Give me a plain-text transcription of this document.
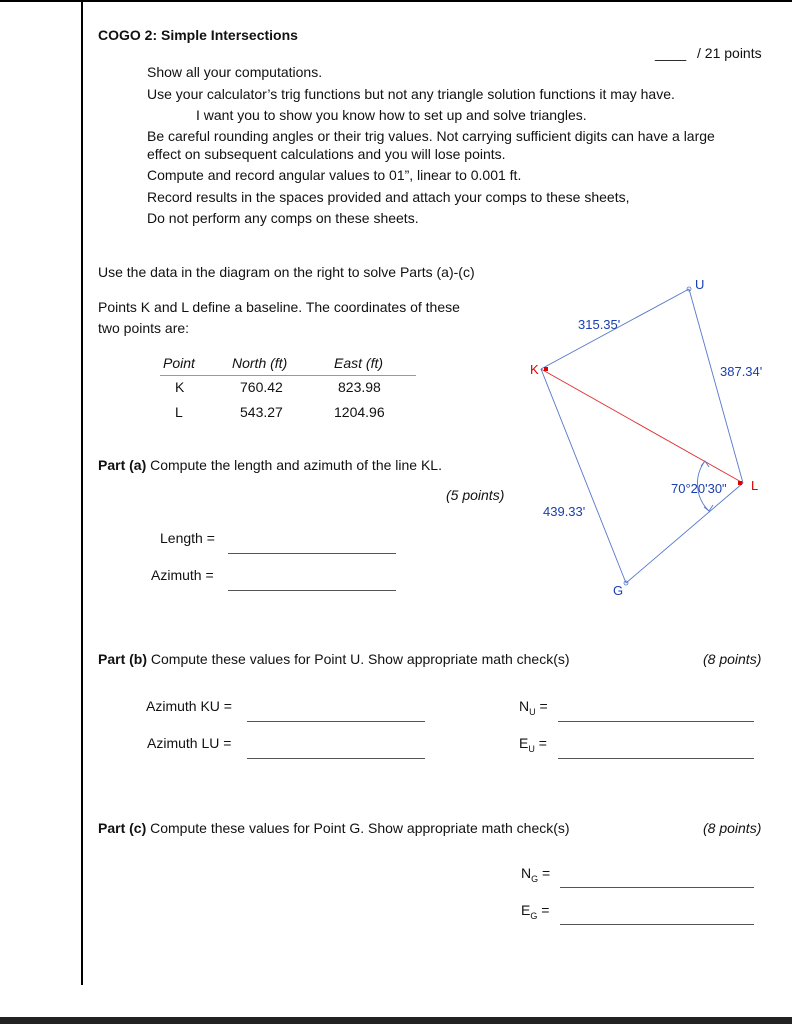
COGO 2: Simple Intersections
____ / 21 points
Show all your computations.
Use your calculator’s trig functions but not any triangle solution functions it may have.
I want you to show you know how to set up and solve triangles.
Be careful rounding angles or their trig values. Not carrying sufficient digits can have a large
effect on subsequent calculations and you will lose points.
Compute and record angular values to 01”, linear to 0.001 ft.
Record results in the spaces provided and attach your comps to these sheets,
Do not perform any comps on these sheets.
Use the data in the diagram on the right to solve Parts (a)-(c)
Points K and L define a baseline. The coordinates of these
two points are:
Point	North (ft)	East (ft)
K	760.42	823.98
L	543.27	1204.96
Part (a) Compute the length and azimuth of the line KL.
(5 points)
Length =
Azimuth =
U
K
L
G
315.35'
387.34'
439.33'
70°20'30"
Part (b) Compute these values for Point U. Show appropriate math check(s)	(8 points)
Azimuth KU =
Azimuth LU =
$N_U$ =
$E_U$ =
Part (c) Compute these values for Point G. Show appropriate math check(s)	(8 points)
$N_G$ =
$E_G$ =
